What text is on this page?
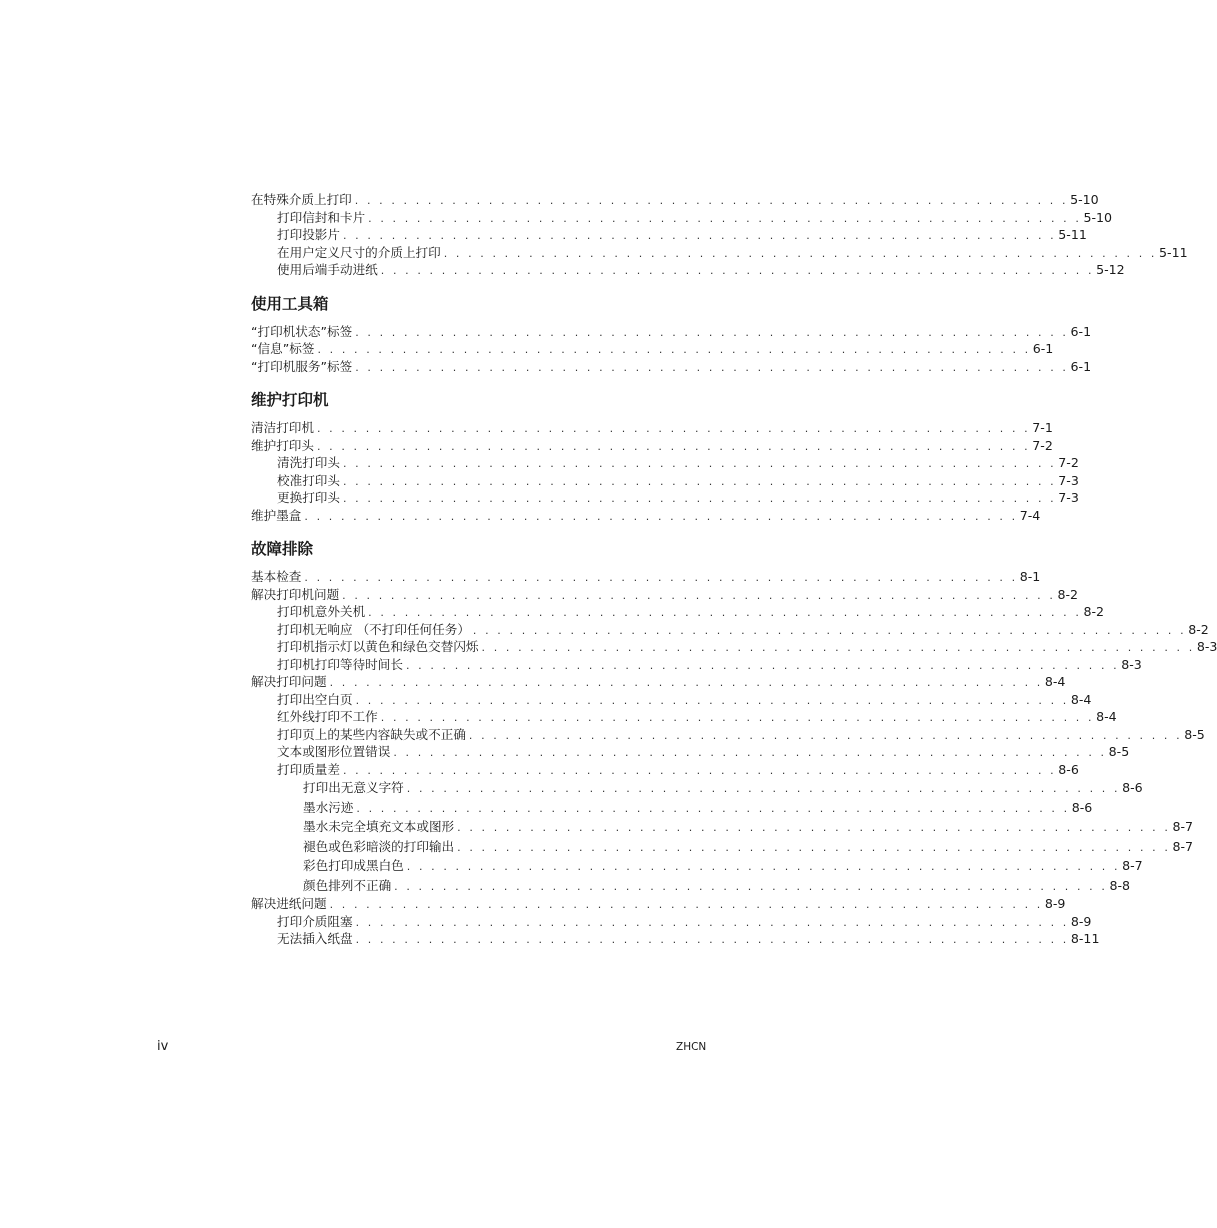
在特殊介质上打印 . . . . . . . . . . . . . . . . . . . . . . . . . . . . . . . . . . . . . . . . . . . . . . . . . . . . . . . . . . . 5-10
打印信封和卡片 . . . . . . . . . . . . . . . . . . . . . . . . . . . . . . . . . . . . . . . . . . . . . . . . . . . . . . . . . . . 5-10
打印投影片 . . . . . . . . . . . . . . . . . . . . . . . . . . . . . . . . . . . . . . . . . . . . . . . . . . . . . . . . . . . 5-11
在用户定义尺寸的介质上打印 . . . . . . . . . . . . . . . . . . . . . . . . . . . . . . . . . . . . . . . . . . . . . . . . . . . . . . . . . . . 5-11
使用后端手动进纸 . . . . . . . . . . . . . . . . . . . . . . . . . . . . . . . . . . . . . . . . . . . . . . . . . . . . . . . . . . . 5-12
使用工具箱
“打印机状态”标签 . . . . . . . . . . . . . . . . . . . . . . . . . . . . . . . . . . . . . . . . . . . . . . . . . . . . . . . . . . . 6-1
“信息”标签 . . . . . . . . . . . . . . . . . . . . . . . . . . . . . . . . . . . . . . . . . . . . . . . . . . . . . . . . . . . 6-1
“打印机服务”标签 . . . . . . . . . . . . . . . . . . . . . . . . . . . . . . . . . . . . . . . . . . . . . . . . . . . . . . . . . . . 6-1
维护打印机
清洁打印机 . . . . . . . . . . . . . . . . . . . . . . . . . . . . . . . . . . . . . . . . . . . . . . . . . . . . . . . . . . . 7-1
维护打印头 . . . . . . . . . . . . . . . . . . . . . . . . . . . . . . . . . . . . . . . . . . . . . . . . . . . . . . . . . . . 7-2
清洗打印头 . . . . . . . . . . . . . . . . . . . . . . . . . . . . . . . . . . . . . . . . . . . . . . . . . . . . . . . . . . . 7-2
校准打印头 . . . . . . . . . . . . . . . . . . . . . . . . . . . . . . . . . . . . . . . . . . . . . . . . . . . . . . . . . . . 7-3
更换打印头 . . . . . . . . . . . . . . . . . . . . . . . . . . . . . . . . . . . . . . . . . . . . . . . . . . . . . . . . . . . 7-3
维护墨盒 . . . . . . . . . . . . . . . . . . . . . . . . . . . . . . . . . . . . . . . . . . . . . . . . . . . . . . . . . . . 7-4
故障排除
基本检查 . . . . . . . . . . . . . . . . . . . . . . . . . . . . . . . . . . . . . . . . . . . . . . . . . . . . . . . . . . . 8-1
解决打印机问题 . . . . . . . . . . . . . . . . . . . . . . . . . . . . . . . . . . . . . . . . . . . . . . . . . . . . . . . . . . . 8-2
打印机意外关机 . . . . . . . . . . . . . . . . . . . . . . . . . . . . . . . . . . . . . . . . . . . . . . . . . . . . . . . . . . . 8-2
打印机无响应 （不打印任何任务） . . . . . . . . . . . . . . . . . . . . . . . . . . . . . . . . . . . . . . . . . . . . . . . . . . . . . . . . . . . 8-2
打印机指示灯以黄色和绿色交替闪烁 . . . . . . . . . . . . . . . . . . . . . . . . . . . . . . . . . . . . . . . . . . . . . . . . . . . . . . . . . . . 8-3
打印机打印等待时间长 . . . . . . . . . . . . . . . . . . . . . . . . . . . . . . . . . . . . . . . . . . . . . . . . . . . . . . . . . . . 8-3
解决打印问题 . . . . . . . . . . . . . . . . . . . . . . . . . . . . . . . . . . . . . . . . . . . . . . . . . . . . . . . . . . . 8-4
打印出空白页 . . . . . . . . . . . . . . . . . . . . . . . . . . . . . . . . . . . . . . . . . . . . . . . . . . . . . . . . . . . 8-4
红外线打印不工作 . . . . . . . . . . . . . . . . . . . . . . . . . . . . . . . . . . . . . . . . . . . . . . . . . . . . . . . . . . . 8-4
打印页上的某些内容缺失或不正确 . . . . . . . . . . . . . . . . . . . . . . . . . . . . . . . . . . . . . . . . . . . . . . . . . . . . . . . . . . . 8-5
文本或图形位置错误 . . . . . . . . . . . . . . . . . . . . . . . . . . . . . . . . . . . . . . . . . . . . . . . . . . . . . . . . . . . 8-5
打印质量差 . . . . . . . . . . . . . . . . . . . . . . . . . . . . . . . . . . . . . . . . . . . . . . . . . . . . . . . . . . . 8-6
打印出无意义字符 . . . . . . . . . . . . . . . . . . . . . . . . . . . . . . . . . . . . . . . . . . . . . . . . . . . . . . . . . . . 8-6
墨水污迹 . . . . . . . . . . . . . . . . . . . . . . . . . . . . . . . . . . . . . . . . . . . . . . . . . . . . . . . . . . . 8-6
墨水未完全填充文本或图形 . . . . . . . . . . . . . . . . . . . . . . . . . . . . . . . . . . . . . . . . . . . . . . . . . . . . . . . . . . . 8-7
褪色或色彩暗淡的打印输出 . . . . . . . . . . . . . . . . . . . . . . . . . . . . . . . . . . . . . . . . . . . . . . . . . . . . . . . . . . . 8-7
彩色打印成黑白色 . . . . . . . . . . . . . . . . . . . . . . . . . . . . . . . . . . . . . . . . . . . . . . . . . . . . . . . . . . . 8-7
颜色排列不正确 . . . . . . . . . . . . . . . . . . . . . . . . . . . . . . . . . . . . . . . . . . . . . . . . . . . . . . . . . . . 8-8
解决进纸问题 . . . . . . . . . . . . . . . . . . . . . . . . . . . . . . . . . . . . . . . . . . . . . . . . . . . . . . . . . . . 8-9
打印介质阻塞 . . . . . . . . . . . . . . . . . . . . . . . . . . . . . . . . . . . . . . . . . . . . . . . . . . . . . . . . . . . 8-9
无法插入纸盘 . . . . . . . . . . . . . . . . . . . . . . . . . . . . . . . . . . . . . . . . . . . . . . . . . . . . . . . . . . . 8-11
iv	ZHCN
